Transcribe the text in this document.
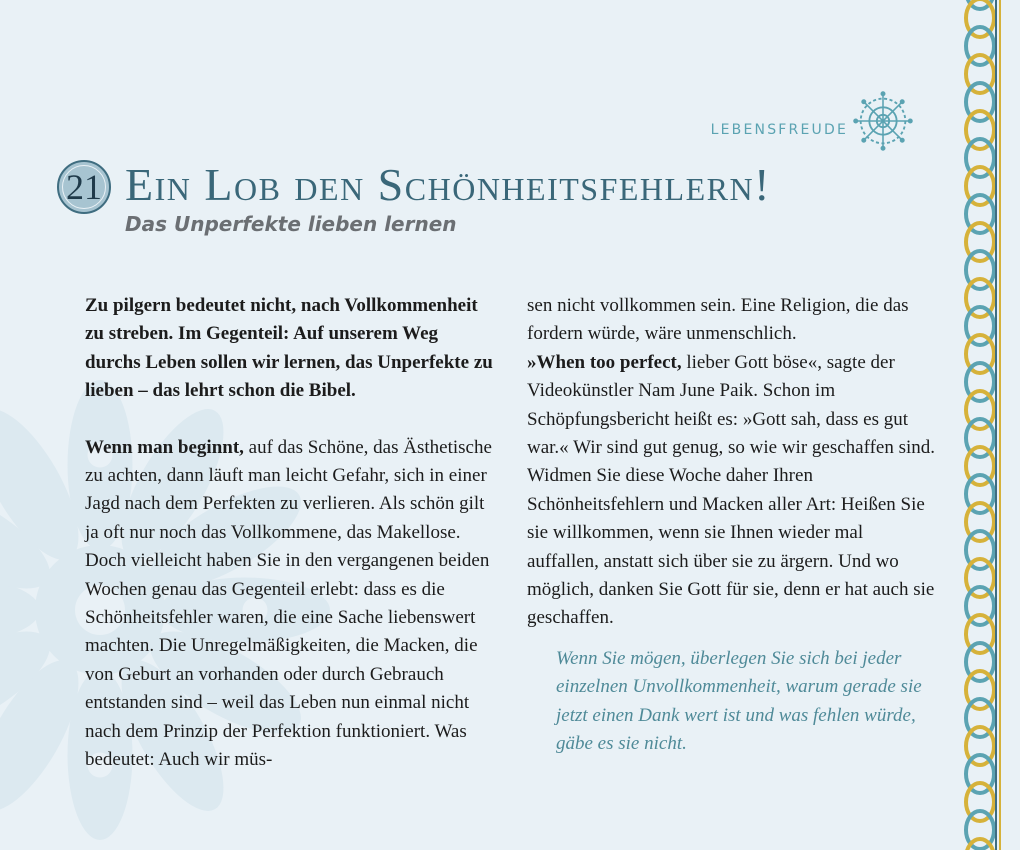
LEBENSFREUDE
21 Ein Lob den Schönheitsfehlern!
Das Unperfekte lieben lernen

Zu pilgern bedeutet nicht, nach Vollkommenheit zu streben. Im Gegenteil: Auf unserem Weg durchs Leben sollen wir lernen, das Unperfekte zu lieben – das lehrt schon die Bibel.

Wenn man beginnt, auf das Schöne, das Ästhetische zu achten, dann läuft man leicht Gefahr, sich in einer Jagd nach dem Perfekten zu verlieren. Als schön gilt ja oft nur noch das Vollkommene, das Makellose. Doch vielleicht haben Sie in den vergangenen beiden Wochen genau das Gegenteil erlebt: dass es die Schönheitsfehler waren, die eine Sache liebenswert machten. Die Unregelmäßigkeiten, die Macken, die von Geburt an vorhanden oder durch Gebrauch entstanden sind – weil das Leben nun einmal nicht nach dem Prinzip der Perfektion funktioniert. Was bedeutet: Auch wir müs-

sen nicht vollkommen sein. Eine Religion, die das fordern würde, wäre unmenschlich.

»When too perfect, lieber Gott böse«, sagte der Videokünstler Nam June Paik. Schon im Schöpfungsbericht heißt es: »Gott sah, dass es gut war.« Wir sind gut genug, so wie wir geschaffen sind. Widmen Sie diese Woche daher Ihren Schönheitsfehlern und Macken aller Art: Heißen Sie sie willkommen, wenn sie Ihnen wieder mal auffallen, anstatt sich über sie zu ärgern. Und wo möglich, danken Sie Gott für sie, denn er hat auch sie geschaffen.

Wenn Sie mögen, überlegen Sie sich bei jeder einzelnen Unvollkommenheit, warum gerade sie jetzt einen Dank wert ist und was fehlen würde, gäbe es sie nicht.
